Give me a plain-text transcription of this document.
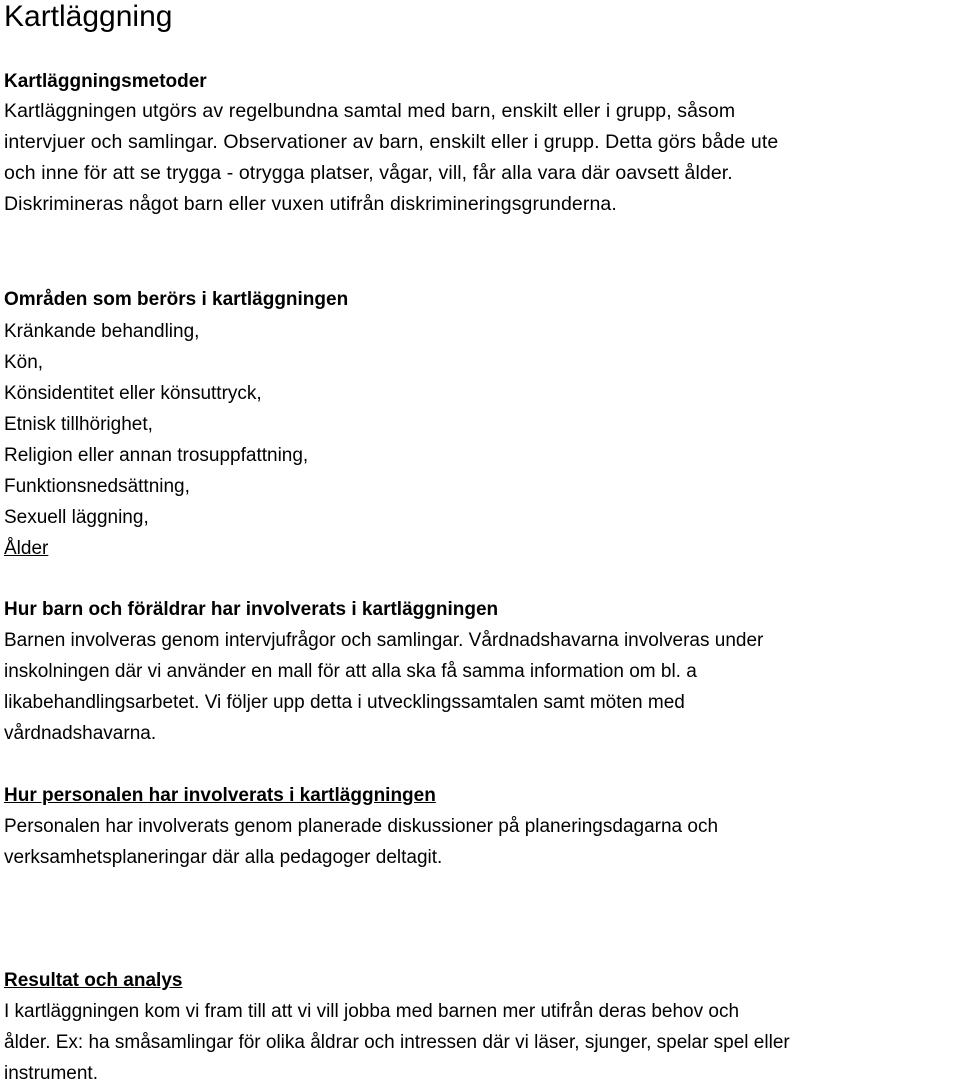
Kartläggning
Kartläggningsmetoder

Kartläggningen utgörs av regelbundna samtal med barn, enskilt eller i grupp, såsom
intervjuer och samlingar. Observationer av barn, enskilt eller i grupp. Detta görs både ute
och inne för att se trygga - otrygga platser, vågar, vill, får alla vara där oavsett ålder.
Diskrimineras något barn eller vuxen utifrån diskrimineringsgrunderna.

Områden som berörs i kartläggningen
Kränkande behandling,
Kön,
Könsidentitet eller könsuttryck,
Etnisk tillhörighet,
Religion eller annan trosuppfattning,
Funktionsnedsättning,
Sexuell läggning,
Ålder
Hur barn och föräldrar har involverats i kartläggningen

Barnen involveras genom intervjufrågor och samlingar. Vårdnadshavarna involveras under
inskolningen där vi använder en mall för att alla ska få samma information om bl. a
likabehandlingsarbetet. Vi följer upp detta i utvecklingssamtalen samt möten med
vårdnadshavarna.

Hur personalen har involverats i kartläggningen

Personalen har involverats genom planerade diskussioner på planeringsdagarna och
verksamhetsplaneringar där alla pedagoger deltagit.

Resultat och analys

I kartläggningen kom vi fram till att vi vill jobba med barnen mer utifrån deras behov och
ålder. Ex: ha småsamlingar för olika åldrar och intressen där vi läser, sjunger, spelar spel eller
instrument.
